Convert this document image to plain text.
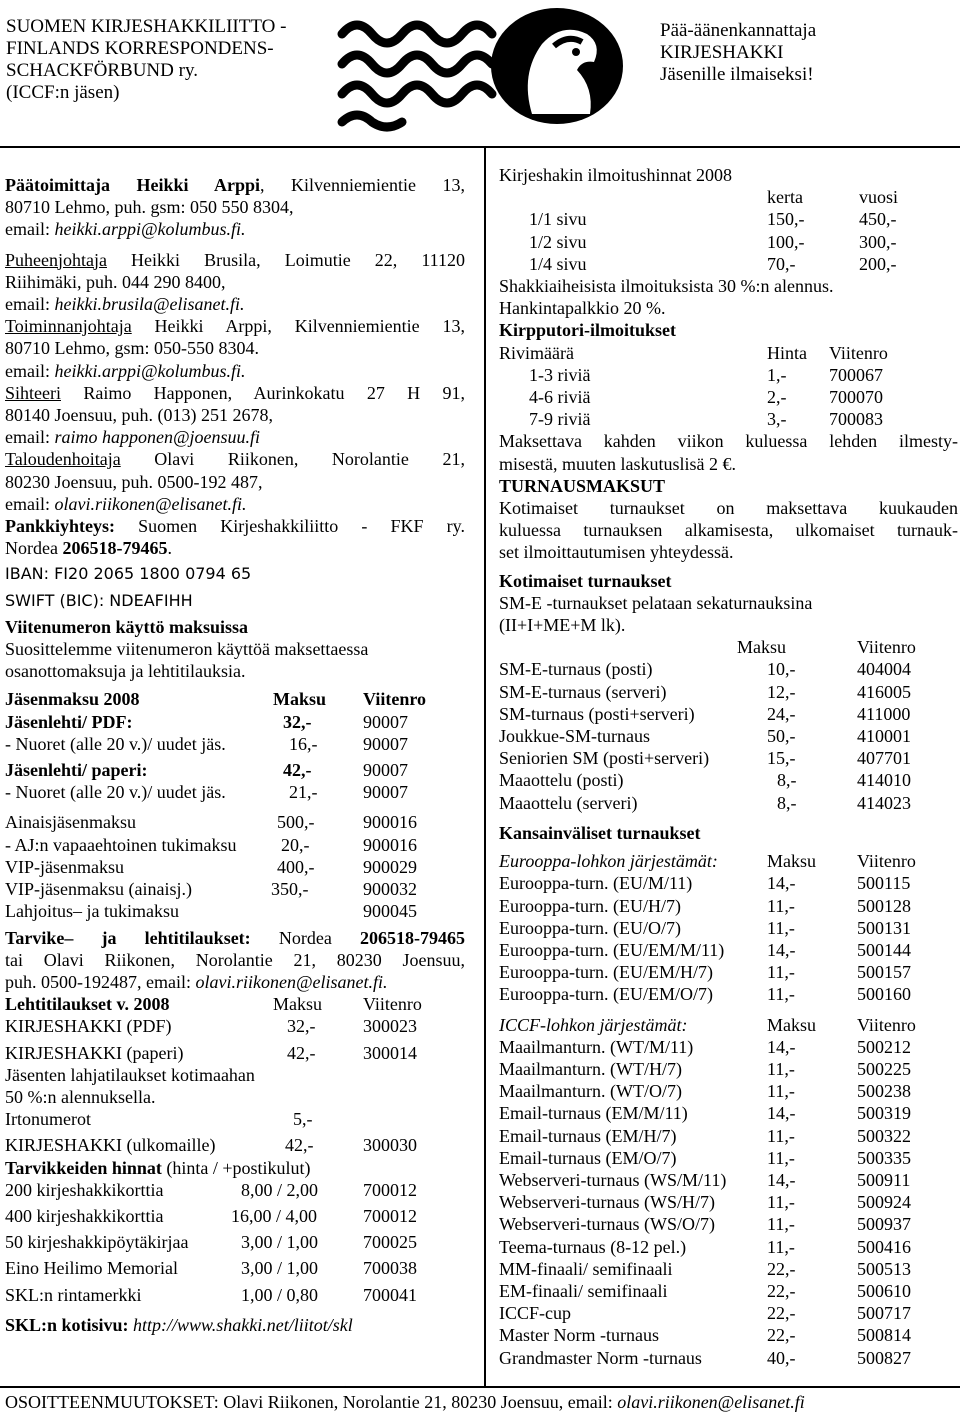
SUOMEN KIRJESHAKKILIITTO -
FINLANDS KORRESPONDENS-
SCHACKFÖRBUND ry.
(ICCF:n jäsen)
Pää-äänenkannattaja
KIRJESHAKKI
Jäsenille ilmaiseksi!

Päätoimittaja Heikki Arppi, Kilvenniemientie 13,

80710 Lehmo, puh. gsm: 050 550 8304,

email: heikki.arppi@kolumbus.fi.

Puheenjohtaja Heikki Brusila, Loimutie 22, 11120

Riihimäki, puh. 044 290 8400,

email: heikki.brusila@elisanet.fi.

Toiminnanjohtaja Heikki Arppi, Kilvenniemientie 13,

80710 Lehmo, gsm: 050-550 8304.

email: heikki.arppi@kolumbus.fi.

Sihteeri Raimo Happonen, Aurinkokatu 27 H 91,

80140 Joensuu, puh. (013) 251 2678,

email: raimo happonen@joensuu.fi

Taloudenhoitaja Olavi Riikonen, Norolantie 21,

80230 Joensuu, puh. 0500-192 487,

email: olavi.riikonen@elisanet.fi.

Pankkiyhteys: Suomen Kirjeshakkiliitto - FKF ry.

Nordea 206518-79465.

IBAN: FI20 2065 1800 0794 65

SWIFT (BIC): NDEAFIHH

Viitenumeron käyttö maksuissa

Suosittelemme viitenumeron käyttöä maksettaessa

osanottomaksuja ja lehtitilauksia.

Jäsenmaksu 2008	Maksu	Viitenro
Jäsenlehti/ PDF:	32,-	90007
- Nuoret (alle 20 v.)/ uudet jäs.	16,-	90007
Jäsenlehti/ paperi:	42,-	90007
- Nuoret (alle 20 v.)/ uudet jäs.	21,-	90007
Ainaisjäsenmaksu	500,-	900016
- AJ:n vapaaehtoinen tukimaksu	20,-	900016
VIP-jäsenmaksu	400,-	900029
VIP-jäsenmaksu (ainaisj.)	350,-	900032
Lahjoitus– ja tukimaksu	900045

Tarvike– ja lehtitilaukset: Nordea 206518-79465

tai Olavi Riikonen, Norolantie 21, 80230 Joensuu,

puh. 0500-192487, email: olavi.riikonen@elisanet.fi.

Lehtitilaukset v. 2008	Maksu	Viitenro
KIRJESHAKKI (PDF)	32,-	300023
KIRJESHAKKI (paperi)	42,-	300014

Jäsenten lahjatilaukset kotimaahan

50 %:n alennuksella.

Irtonumerot	5,-
KIRJESHAKKI (ulkomaille)	42,-	300030

Tarvikkeiden hinnat (hinta / +postikulut)

200 kirjeshakkikorttia	8,00 / 2,00	700012
400 kirjeshakkikorttia	16,00 / 4,00	700012
50 kirjeshakkipöytäkirjaa	3,00 / 1,00	700025
Eino Heilimo Memorial	3,00 / 1,00	700038
SKL:n rintamerkki	1,00 / 0,80	700041

SKL:n kotisivu: http://www.shakki.net/liitot/skl

Kirjeshakin ilmoitushinnat 2008

kerta	vuosi
1/1 sivu	150,-	450,-
1/2 sivu	100,-	300,-
1/4 sivu	70,-	200,-

Shakkiaiheisista ilmoituksista 30 %:n alennus.

Hankintapalkkio 20 %.

Kirpputori-ilmoitukset

Rivimäärä	Hinta	Viitenro
1-3 riviä	1,-	700067
4-6 riviä	2,-	700070
7-9 riviä	3,-	700083

Maksettava kahden viikon kuluessa lehden ilmesty-

misestä, muuten laskutuslisä 2 €.

TURNAUSMAKSUT

Kotimaiset turnaukset on maksettava kuukauden

kuluessa turnauksen alkamisesta, ulkomaiset turnauk-

set ilmoittautumisen yhteydessä.

Kotimaiset turnaukset

SM-E -turnaukset pelataan sekaturnauksina

(II+I+ME+M lk).

Maksu	Viitenro
SM-E-turnaus (posti)	10,-	404004
SM-E-turnaus (serveri)	12,-	416005
SM-turnaus (posti+serveri)	24,-	411000
Joukkue-SM-turnaus	50,-	410001
Seniorien SM (posti+serveri)	15,-	407701
Maaottelu (posti)	8,-	414010
Maaottelu (serveri)	8,-	414023

Kansainväliset turnaukset

Eurooppa-lohkon järjestämät:	Maksu	Viitenro
Eurooppa-turn. (EU/M/11)	14,-	500115
Eurooppa-turn. (EU/H/7)	11,-	500128
Eurooppa-turn. (EU/O/7)	11,-	500131
Eurooppa-turn. (EU/EM/M/11)	14,-	500144
Eurooppa-turn. (EU/EM/H/7)	11,-	500157
Eurooppa-turn. (EU/EM/O/7)	11,-	500160
ICCF-lohkon järjestämät:	Maksu	Viitenro
Maailmanturn. (WT/M/11)	14,-	500212
Maailmanturn. (WT/H/7)	11,-	500225
Maailmanturn. (WT/O/7)	11,-	500238
Email-turnaus (EM/M/11)	14,-	500319
Email-turnaus (EM/H/7)	11,-	500322
Email-turnaus (EM/O/7)	11,-	500335
Webserveri-turnaus (WS/M/11)	14,-	500911
Webserveri-turnaus (WS/H/7)	11,-	500924
Webserveri-turnaus (WS/O/7)	11,-	500937
Teema-turnaus (8-12 pel.)	11,-	500416
MM-finaali/ semifinaali	22,-	500513
EM-finaali/ semifinaali	22,-	500610
ICCF-cup	22,-	500717
Master Norm -turnaus	22,-	500814
Grandmaster Norm -turnaus	40,-	500827
OSOITTEENMUUTOKSET: Olavi Riikonen, Norolantie 21, 80230 Joensuu, email: olavi.riikonen@elisanet.fi
